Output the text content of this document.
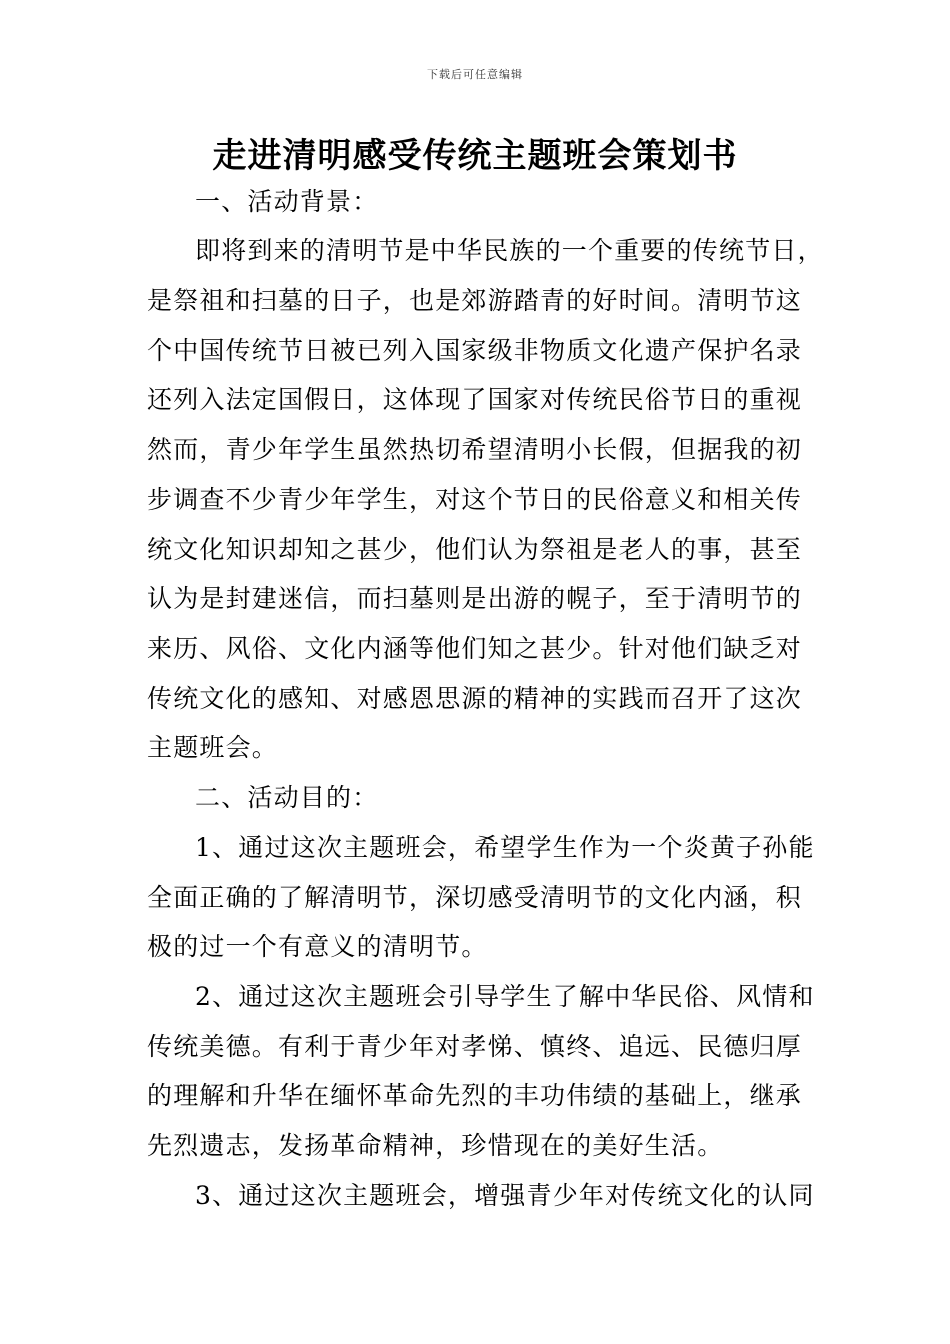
下载后可任意编辑
走进清明感受传统主题班会策划书
一、活动背景：
即将到来的清明节是中华民族的一个重要的传统节日，
是祭祖和扫墓的日子，也是郊游踏青的好时间。清明节这
个中国传统节日被已列入国家级非物质文化遗产保护名录
还列入法定国假日，这体现了国家对传统民俗节日的重视
然而，青少年学生虽然热切希望清明小长假，但据我的初
步调查不少青少年学生，对这个节日的民俗意义和相关传
统文化知识却知之甚少，他们认为祭祖是老人的事，甚至
认为是封建迷信，而扫墓则是出游的幌子，至于清明节的
来历、风俗、文化内涵等他们知之甚少。针对他们缺乏对
传统文化的感知、对感恩思源的精神的实践而召开了这次
主题班会。
二、活动目的：
1、通过这次主题班会，希望学生作为一个炎黄子孙能
全面正确的了解清明节，深切感受清明节的文化内涵，积
极的过一个有意义的清明节。
2、通过这次主题班会引导学生了解中华民俗、风情和
传统美德。有利于青少年对孝悌、慎终、追远、民德归厚
的理解和升华在缅怀革命先烈的丰功伟绩的基础上，继承
先烈遗志，发扬革命精神，珍惜现在的美好生活。
3、通过这次主题班会，增强青少年对传统文化的认同
